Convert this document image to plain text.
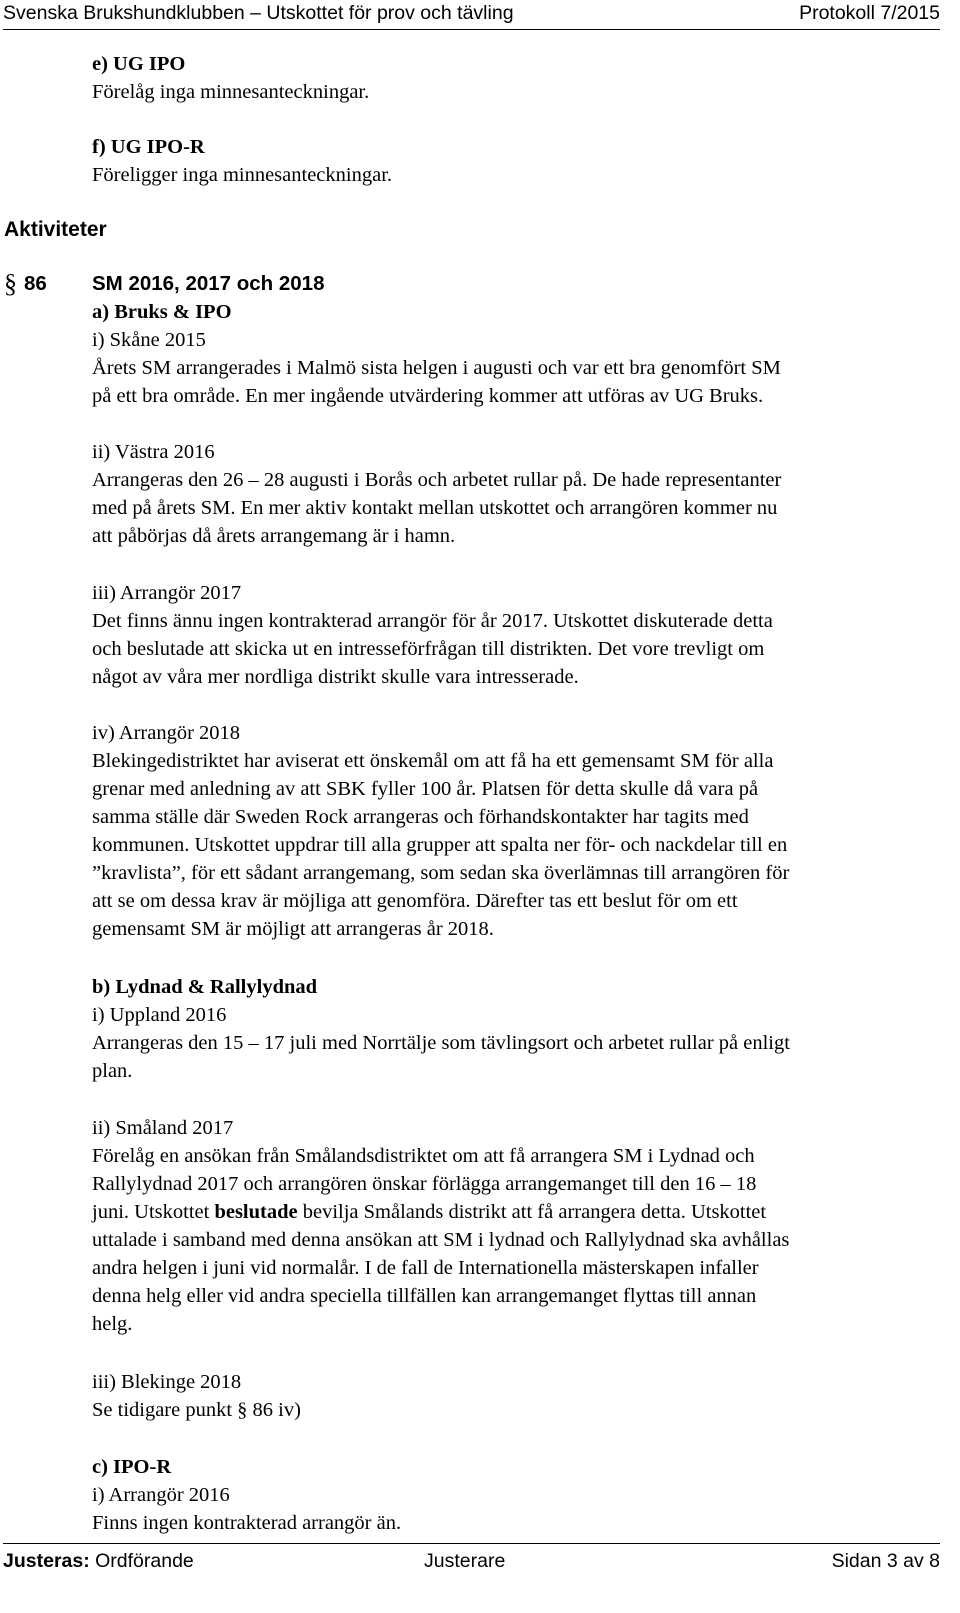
Svenska Brukshundklubben – Utskottet för prov och tävling	Protokoll 7/2015
e) UG IPO
Förelåg inga minnesanteckningar.
f) UG IPO-R
Föreligger inga minnesanteckningar.
Aktiviteter
§ 86 SM 2016, 2017 och 2018
a) Bruks & IPO
i) Skåne 2015
Årets SM arrangerades i Malmö sista helgen i augusti och var ett bra genomfört SM
på ett bra område. En mer ingående utvärdering kommer att utföras av UG Bruks.
ii) Västra 2016
Arrangeras den 26 – 28 augusti i Borås och arbetet rullar på. De hade representanter
med på årets SM. En mer aktiv kontakt mellan utskottet och arrangören kommer nu
att påbörjas då årets arrangemang är i hamn.
iii) Arrangör 2017
Det finns ännu ingen kontrakterad arrangör för år 2017. Utskottet diskuterade detta
och beslutade att skicka ut en intresseförfrågan till distrikten. Det vore trevligt om
något av våra mer nordliga distrikt skulle vara intresserade.
iv) Arrangör 2018
Blekingedistriktet har aviserat ett önskemål om att få ha ett gemensamt SM för alla
grenar med anledning av att SBK fyller 100 år. Platsen för detta skulle då vara på
samma ställe där Sweden Rock arrangeras och förhandskontakter har tagits med
kommunen. Utskottet uppdrar till alla grupper att spalta ner för- och nackdelar till en
”kravlista”, för ett sådant arrangemang, som sedan ska överlämnas till arrangören för
att se om dessa krav är möjliga att genomföra. Därefter tas ett beslut för om ett
gemensamt SM är möjligt att arrangeras år 2018.
b) Lydnad & Rallylydnad
i) Uppland 2016
Arrangeras den 15 – 17 juli med Norrtälje som tävlingsort och arbetet rullar på enligt
plan.
ii) Småland 2017
Förelåg en ansökan från Smålandsdistriktet om att få arrangera SM i Lydnad och
Rallylydnad 2017 och arrangören önskar förlägga arrangemanget till den 16 – 18
juni. Utskottet beslutade bevilja Smålands distrikt att få arrangera detta. Utskottet
uttalade i samband med denna ansökan att SM i lydnad och Rallylydnad ska avhållas
andra helgen i juni vid normalår. I de fall de Internationella mästerskapen infaller
denna helg eller vid andra speciella tillfällen kan arrangemanget flyttas till annan
helg.
iii) Blekinge 2018
Se tidigare punkt § 86 iv)
c) IPO-R
i) Arrangör 2016
Finns ingen kontrakterad arrangör än.
Justeras: Ordförande	Justerare	Sidan 3 av 8
